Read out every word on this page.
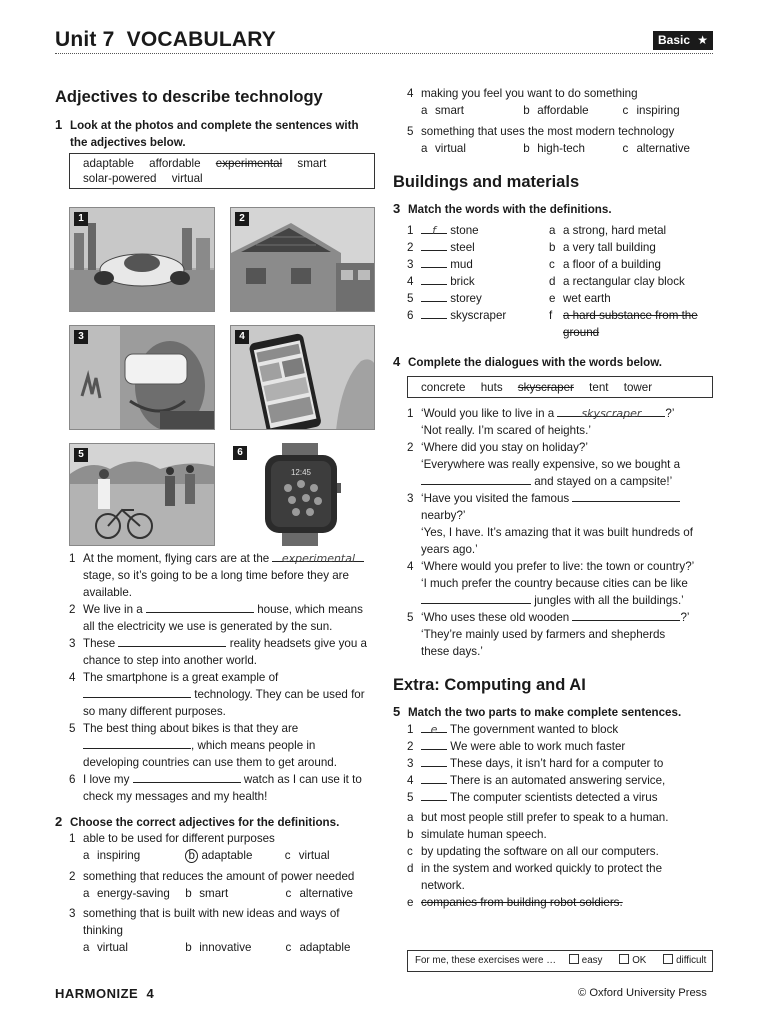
Unit 7 VOCABULARY	Basic ★
Adjectives to describe technology
1 Look at the photos and complete the sentences with
the adjectives below.
adaptable affordable experimental smart
solar-powered virtual
1	2
3	4
5
12:45
6
1 At the moment, flying cars are at the experimental
stage, so it’s going to be a long time before they are
available.
2 We live in a	house, which means
all the electricity we use is generated by the sun.
3 These	reality headsets give you a
chance to step into another world.
4 The smartphone is a great example of
technology. They can be used for
so many different purposes.
5 The best thing about bikes is that they are
, which means people in
developing countries can use them to get around.
6 I love my	watch as I can use it to
check my messages and my health!
2 Choose the correct adjectives for the definitions.
1 able to be used for different purposes
a inspiring	b adaptable	c virtual
2 something that reduces the amount of power needed
a energy-saving b smart	c alternative
3 something that is built with new ideas and ways of
thinking
a virtual	b innovative	c adaptable
4 making you feel you want to do something
a smart	b affordable	c inspiring
5 something that uses the most modern technology
a virtual	b high-tech	c alternative
Buildings and materials
3 Match the words with the definitions.
1 f stone
2	steel
3	mud
4	brick
5	storey
6	skyscraper
a a strong, hard metal
b a very tall building
c a floor of a building
d a rectangular clay block
e wet earth
f a hard substance from the
ground
4 Complete the dialogues with the words below.
concrete huts skyscraper tent tower
1 ‘Would you like to live in a skyscraper ?’
‘Not really. I’m scared of heights.’
2 ‘Where did you stay on holiday?’
‘Everywhere was really expensive, so we bought a
and stayed on a campsite!’
3 ‘Have you visited the famous
nearby?’
‘Yes, I have. It’s amazing that it was built hundreds of
years ago.’
4 ‘Where would you prefer to live: the town or country?’
‘I much prefer the country because cities can be like
jungles with all the buildings.’
5 ‘Who uses these old wooden	?’
‘They’re mainly used by farmers and shepherds
these days.’
Extra: Computing and AI
5 Match the two parts to make complete sentences.
1 e The government wanted to block
2	We were able to work much faster
3	These days, it isn’t hard for a computer to
4	There is an automated answering service,
5	The computer scientists detected a virus
a but most people still prefer to speak to a human.
b simulate human speech.
c by updating the software on all our computers.
d in the system and worked quickly to protect the
network.
e companies from building robot soldiers.
For me, these exercises were …	easy	OK	difficult
HARMONIZE 4	© Oxford University Press
